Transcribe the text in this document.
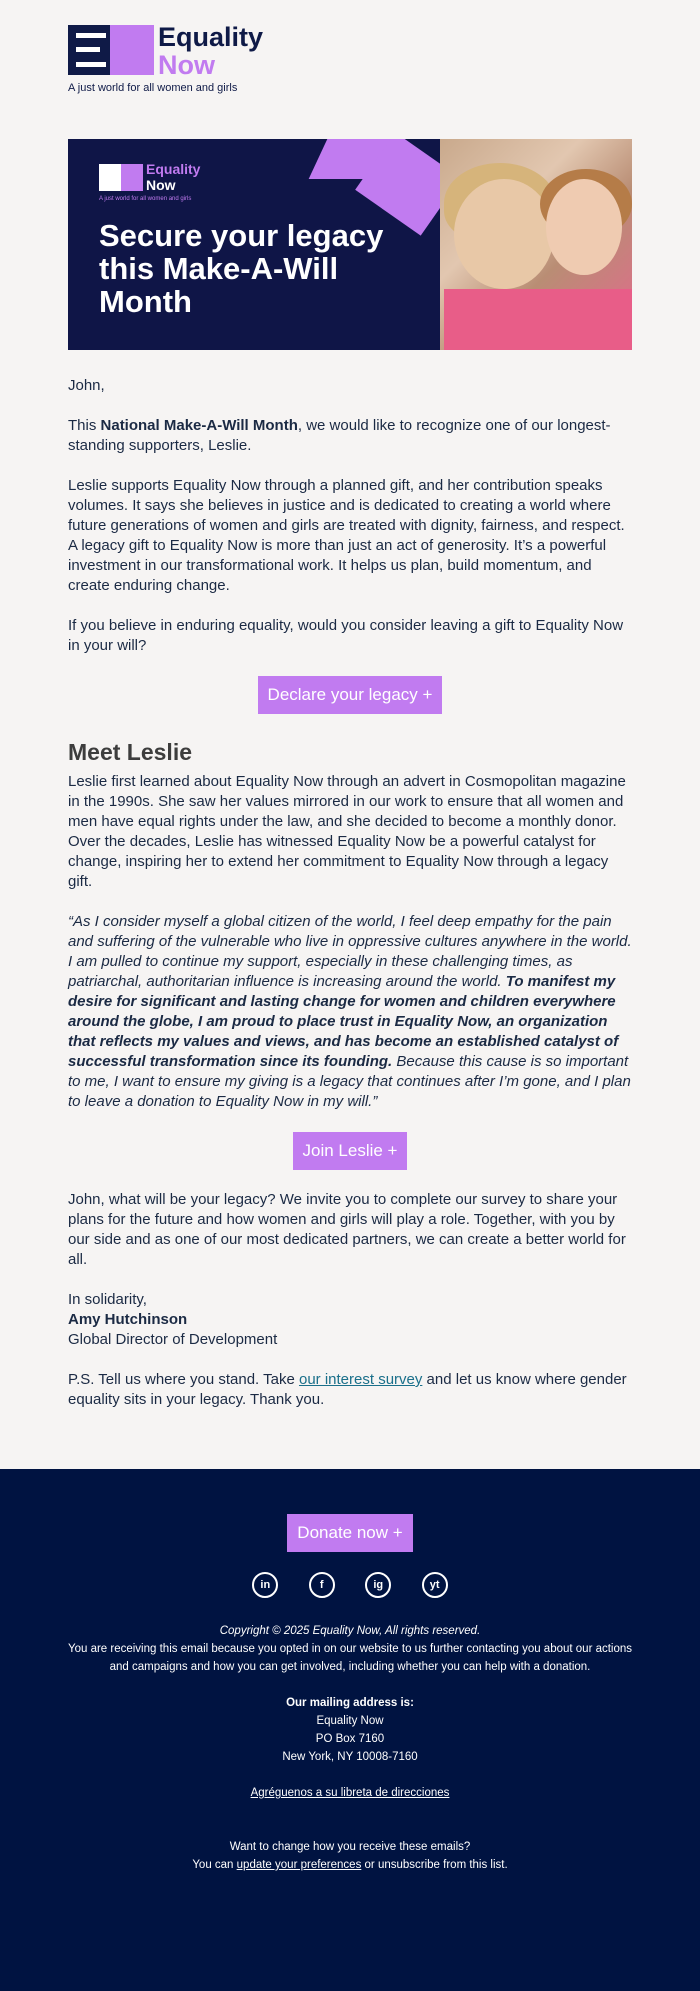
Equality
Now
A just world for all women and girls
Equality
Now
A just world for all women and girls
Secure your legacy this Make-A-Will Month

John,

This National Make-A-Will Month, we would like to recognize one of our longest-standing supporters, Leslie.

Leslie supports Equality Now through a planned gift, and her contribution speaks volumes. It says she believes in justice and is dedicated to creating a world where future generations of women and girls are treated with dignity, fairness, and respect. A legacy gift to Equality Now is more than just an act of generosity. It’s a powerful investment in our transformational work. It helps us plan, build momentum, and create enduring change.

If you believe in enduring equality, would you consider leaving a gift to Equality Now in your will?

Declare your legacy +
Meet Leslie

Leslie first learned about Equality Now through an advert in Cosmopolitan magazine in the 1990s. She saw her values mirrored in our work to ensure that all women and men have equal rights under the law, and she decided to become a monthly donor. Over the decades, Leslie has witnessed Equality Now be a powerful catalyst for change, inspiring her to extend her commitment to Equality Now through a legacy gift.

“As I consider myself a global citizen of the world, I feel deep empathy for the pain and suffering of the vulnerable who live in oppressive cultures anywhere in the world. I am pulled to continue my support, especially in these challenging times, as patriarchal, authoritarian influence is increasing around the world. To manifest my desire for significant and lasting change for women and children everywhere around the globe, I am proud to place trust in Equality Now, an organization that reflects my values and views, and has become an established catalyst of successful transformation since its founding. Because this cause is so important to me, I want to ensure my giving is a legacy that continues after I’m gone, and I plan to leave a donation to Equality Now in my will.”

Join Leslie +

John, what will be your legacy? We invite you to complete our survey to share your plans for the future and how women and girls will play a role. Together, with you by our side and as one of our most dedicated partners, we can create a better world for all.

In solidarity,
Amy Hutchinson
Global Director of Development

P.S. Tell us where you stand. Take our interest survey and let us know where gender equality sits in your legacy. Thank you.

Donate now +
in	f	ig	yt
Copyright © 2025 Equality Now, All rights reserved.
You are receiving this email because you opted in on our website to us further contacting you about our actions and campaigns and how you can get involved, including whether you can help with a donation.
Our mailing address is:
Equality Now
PO Box 7160
New York, NY 10008-7160
Agréguenos a su libreta de direcciones
Want to change how you receive these emails?
You can update your preferences or unsubscribe from this list.
